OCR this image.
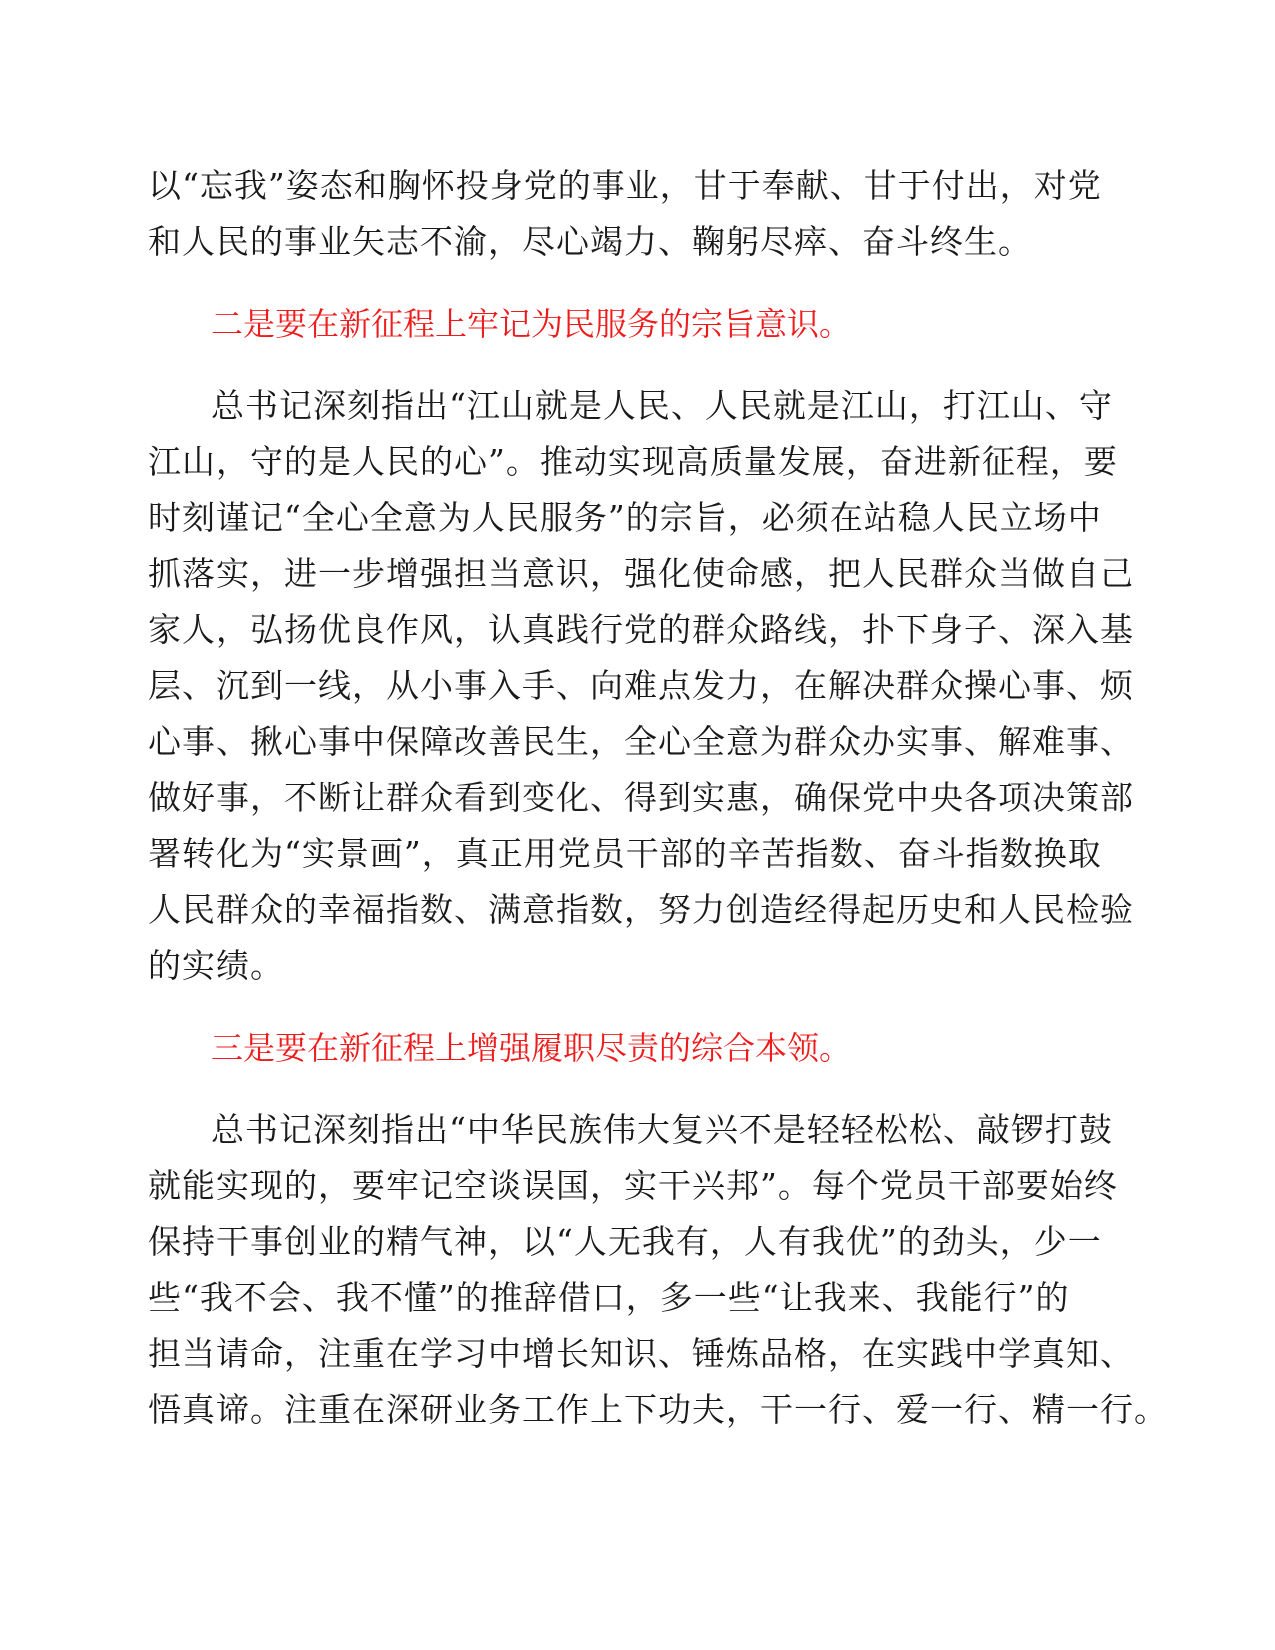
以“忘我”姿态和胸怀投身党的事业，甘于奉献、甘于付出，对党
和人民的事业矢志不渝，尽心竭力、鞠躬尽瘁、奋斗终生。
二是要在新征程上牢记为民服务的宗旨意识。
总书记深刻指出“江山就是人民、人民就是江山，打江山、守
江山，守的是人民的心”。推动实现高质量发展，奋进新征程，要
时刻谨记“全心全意为人民服务”的宗旨，必须在站稳人民立场中
抓落实，进一步增强担当意识，强化使命感，把人民群众当做自己
家人，弘扬优良作风，认真践行党的群众路线，扑下身子、深入基
层、沉到一线，从小事入手、向难点发力，在解决群众操心事、烦
心事、揪心事中保障改善民生，全心全意为群众办实事、解难事、
做好事，不断让群众看到变化、得到实惠，确保党中央各项决策部
署转化为“实景画”，真正用党员干部的辛苦指数、奋斗指数换取
人民群众的幸福指数、满意指数，努力创造经得起历史和人民检验
的实绩。
三是要在新征程上增强履职尽责的综合本领。
总书记深刻指出“中华民族伟大复兴不是轻轻松松、敲锣打鼓
就能实现的，要牢记空谈误国，实干兴邦”。每个党员干部要始终
保持干事创业的精气神，以“人无我有，人有我优”的劲头，少一
些“我不会、我不懂”的推辞借口，多一些“让我来、我能行”的
担当请命，注重在学习中增长知识、锤炼品格，在实践中学真知、
悟真谛。注重在深研业务工作上下功夫，干一行、爱一行、精一行。
